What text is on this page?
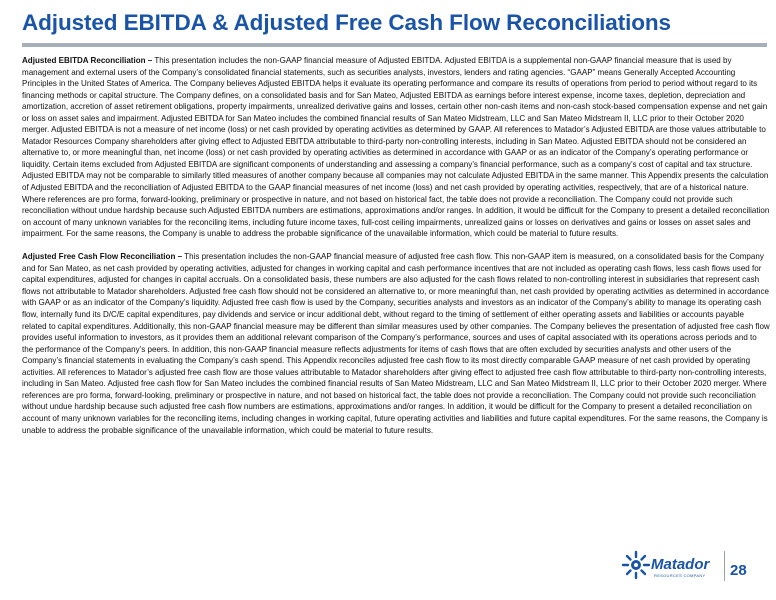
Adjusted EBITDA & Adjusted Free Cash Flow Reconciliations

Adjusted EBITDA Reconciliation – This presentation includes the non-GAAP financial measure of Adjusted EBITDA. Adjusted EBITDA is a supplemental non-GAAP financial measure that is used by management and external users of the Company’s consolidated financial statements, such as securities analysts, investors, lenders and rating agencies. “GAAP” means Generally Accepted Accounting Principles in the United States of America. The Company believes Adjusted EBITDA helps it evaluate its operating performance and compare its results of operations from period to period without regard to its financing methods or capital structure. The Company defines, on a consolidated basis and for San Mateo, Adjusted EBITDA as earnings before interest expense, income taxes, depletion, depreciation and amortization, accretion of asset retirement obligations, property impairments, unrealized derivative gains and losses, certain other non-cash items and non-cash stock-based compensation expense and net gain or loss on asset sales and impairment. Adjusted EBITDA for San Mateo includes the combined financial results of San Mateo Midstream, LLC and San Mateo Midstream II, LLC prior to their October 2020 merger. Adjusted EBITDA is not a measure of net income (loss) or net cash provided by operating activities as determined by GAAP. All references to Matador’s Adjusted EBITDA are those values attributable to Matador Resources Company shareholders after giving effect to Adjusted EBITDA attributable to third-party non-controlling interests, including in San Mateo. Adjusted EBITDA should not be considered an alternative to, or more meaningful than, net income (loss) or net cash provided by operating activities as determined in accordance with GAAP or as an indicator of the Company’s operating performance or liquidity. Certain items excluded from Adjusted EBITDA are significant components of understanding and assessing a company’s financial performance, such as a company’s cost of capital and tax structure. Adjusted EBITDA may not be comparable to similarly titled measures of another company because all companies may not calculate Adjusted EBITDA in the same manner. This Appendix presents the calculation of Adjusted EBITDA and the reconciliation of Adjusted EBITDA to the GAAP financial measures of net income (loss) and net cash provided by operating activities, respectively, that are of a historical nature. Where references are pro forma, forward-looking, preliminary or prospective in nature, and not based on historical fact, the table does not provide a reconciliation. The Company could not provide such reconciliation without undue hardship because such Adjusted EBITDA numbers are estimations, approximations and/or ranges. In addition, it would be difficult for the Company to present a detailed reconciliation on account of many unknown variables for the reconciling items, including future income taxes, full-cost ceiling impairments, unrealized gains or losses on derivatives and gains or losses on asset sales and impairment. For the same reasons, the Company is unable to address the probable significance of the unavailable information, which could be material to future results.

Adjusted Free Cash Flow Reconciliation – This presentation includes the non-GAAP financial measure of adjusted free cash flow. This non-GAAP item is measured, on a consolidated basis for the Company and for San Mateo, as net cash provided by operating activities, adjusted for changes in working capital and cash performance incentives that are not included as operating cash flows, less cash flows used for capital expenditures, adjusted for changes in capital accruals. On a consolidated basis, these numbers are also adjusted for the cash flows related to non-controlling interest in subsidiaries that represent cash flows not attributable to Matador shareholders. Adjusted free cash flow should not be considered an alternative to, or more meaningful than, net cash provided by operating activities as determined in accordance with GAAP or as an indicator of the Company’s liquidity. Adjusted free cash flow is used by the Company, securities analysts and investors as an indicator of the Company’s ability to manage its operating cash flow, internally fund its D/C/E capital expenditures, pay dividends and service or incur additional debt, without regard to the timing of settlement of either operating assets and liabilities or accounts payable related to capital expenditures. Additionally, this non-GAAP financial measure may be different than similar measures used by other companies. The Company believes the presentation of adjusted free cash flow provides useful information to investors, as it provides them an additional relevant comparison of the Company’s performance, sources and uses of capital associated with its operations across periods and to the performance of the Company’s peers. In addition, this non-GAAP financial measure reflects adjustments for items of cash flows that are often excluded by securities analysts and other users of the Company’s financial statements in evaluating the Company’s cash spend. This Appendix reconciles adjusted free cash flow to its most directly comparable GAAP measure of net cash provided by operating activities. All references to Matador’s adjusted free cash flow are those values attributable to Matador shareholders after giving effect to adjusted free cash flow attributable to third-party non-controlling interests, including in San Mateo. Adjusted free cash flow for San Mateo includes the combined financial results of San Mateo Midstream, LLC and San Mateo Midstream II, LLC prior to their October 2020 merger. Where references are pro forma, forward-looking, preliminary or prospective in nature, and not based on historical fact, the table does not provide a reconciliation. The Company could not provide such reconciliation without undue hardship because such adjusted free cash flow numbers are estimations, approximations and/or ranges. In addition, it would be difficult for the Company to present a detailed reconciliation on account of many unknown variables for the reconciling items, including changes in working capital, future operating activities and liabilities and future capital expenditures. For the same reasons, the Company is unable to address the probable significance of the unavailable information, which could be material to future results.

Matador
RESOURCES COMPANY 28
